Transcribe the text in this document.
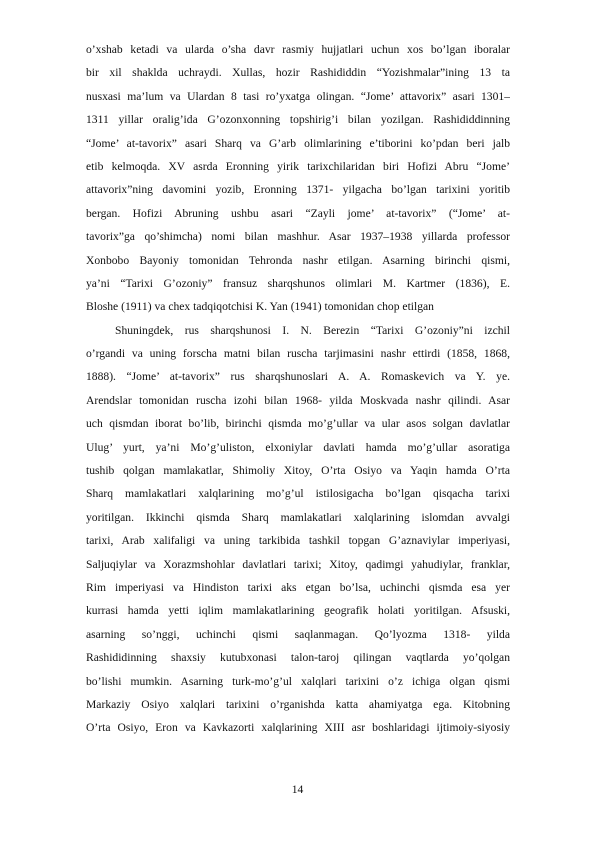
o’xshab ketadi va ularda o’sha davr rasmiy hujjatlari uchun xos bo’lgan iboralar
bir xil shaklda uchraydi. Xullas, hozir Rashididdin “Yozishmalar”ining 13 ta
nusxasi ma’lum va Ulardan 8 tasi ro’yxatga olingan. “Jome’ attavorix” asari 1301–
1311 yillar oralig’ida G’ozonxonning topshirig’i bilan yozilgan. Rashididdinning
“Jome’ at-tavorix” asari Sharq va G’arb olimlarining e’tiborini ko’pdan beri jalb
etib kelmoqda. XV asrda Eronning yirik tarixchilaridan biri Hofizi Abru “Jome’
attavorix”ning davomini yozib, Eronning 1371- yilgacha bo’lgan tarixini yoritib
bergan. Hofizi Abruning ushbu asari “Zayli jome’ at-tavorix” (“Jome’ at-
tavorix”ga qo’shimcha) nomi bilan mashhur. Asar 1937–1938 yillarda professor
Xonbobo Bayoniy tomonidan Tehronda nashr etilgan. Asarning birinchi qismi,
ya’ni “Tarixi G’ozoniy” fransuz sharqshunos olimlari M. Kartmer (1836), E.
Bloshe (1911) va chex tadqiqotchisi K. Yan (1941) tomonidan chop etilgan
Shuningdek, rus sharqshunosi I. N. Berezin “Tarixi G’ozoniy”ni izchil
o’rgandi va uning forscha matni bilan ruscha tarjimasini nashr ettirdi (1858, 1868,
1888). “Jome’ at-tavorix” rus sharqshunoslari A. A. Romaskevich va Y. ye.
Arendslar tomonidan ruscha izohi bilan 1968- yilda Moskvada nashr qilindi. Asar
uch qismdan iborat bo’lib, birinchi qismda mo’g’ullar va ular asos solgan davlatlar
Ulug’ yurt, ya’ni Mo’g’uliston, elxoniylar davlati hamda mo’g’ullar asoratiga
tushib qolgan mamlakatlar, Shimoliy Xitoy, O’rta Osiyo va Yaqin hamda O’rta
Sharq mamlakatlari xalqlarining mo’g’ul istilosigacha bo’lgan qisqacha tarixi
yoritilgan. Ikkinchi qismda Sharq mamlakatlari xalqlarining islomdan avvalgi
tarixi, Arab xalifaligi va uning tarkibida tashkil topgan G’aznaviylar imperiyasi,
Saljuqiylar va Xorazmshohlar davlatlari tarixi; Xitoy, qadimgi yahudiylar, franklar,
Rim imperiyasi va Hindiston tarixi aks etgan bo’lsa, uchinchi qismda esa yer
kurrasi hamda yetti iqlim mamlakatlarining geografik holati yoritilgan. Afsuski,
asarning so’nggi, uchinchi qismi saqlanmagan. Qo’lyozma 1318- yilda
Rashididinning shaxsiy kutubxonasi talon-taroj qilingan vaqtlarda yo’qolgan
bo’lishi mumkin. Asarning turk-mo’g’ul xalqlari tarixini o’z ichiga olgan qismi
Markaziy Osiyo xalqlari tarixini o’rganishda katta ahamiyatga ega. Kitobning
O’rta Osiyo, Eron va Kavkazorti xalqlarining XIII asr boshlaridagi ijtimoiy-siyosiy
14
